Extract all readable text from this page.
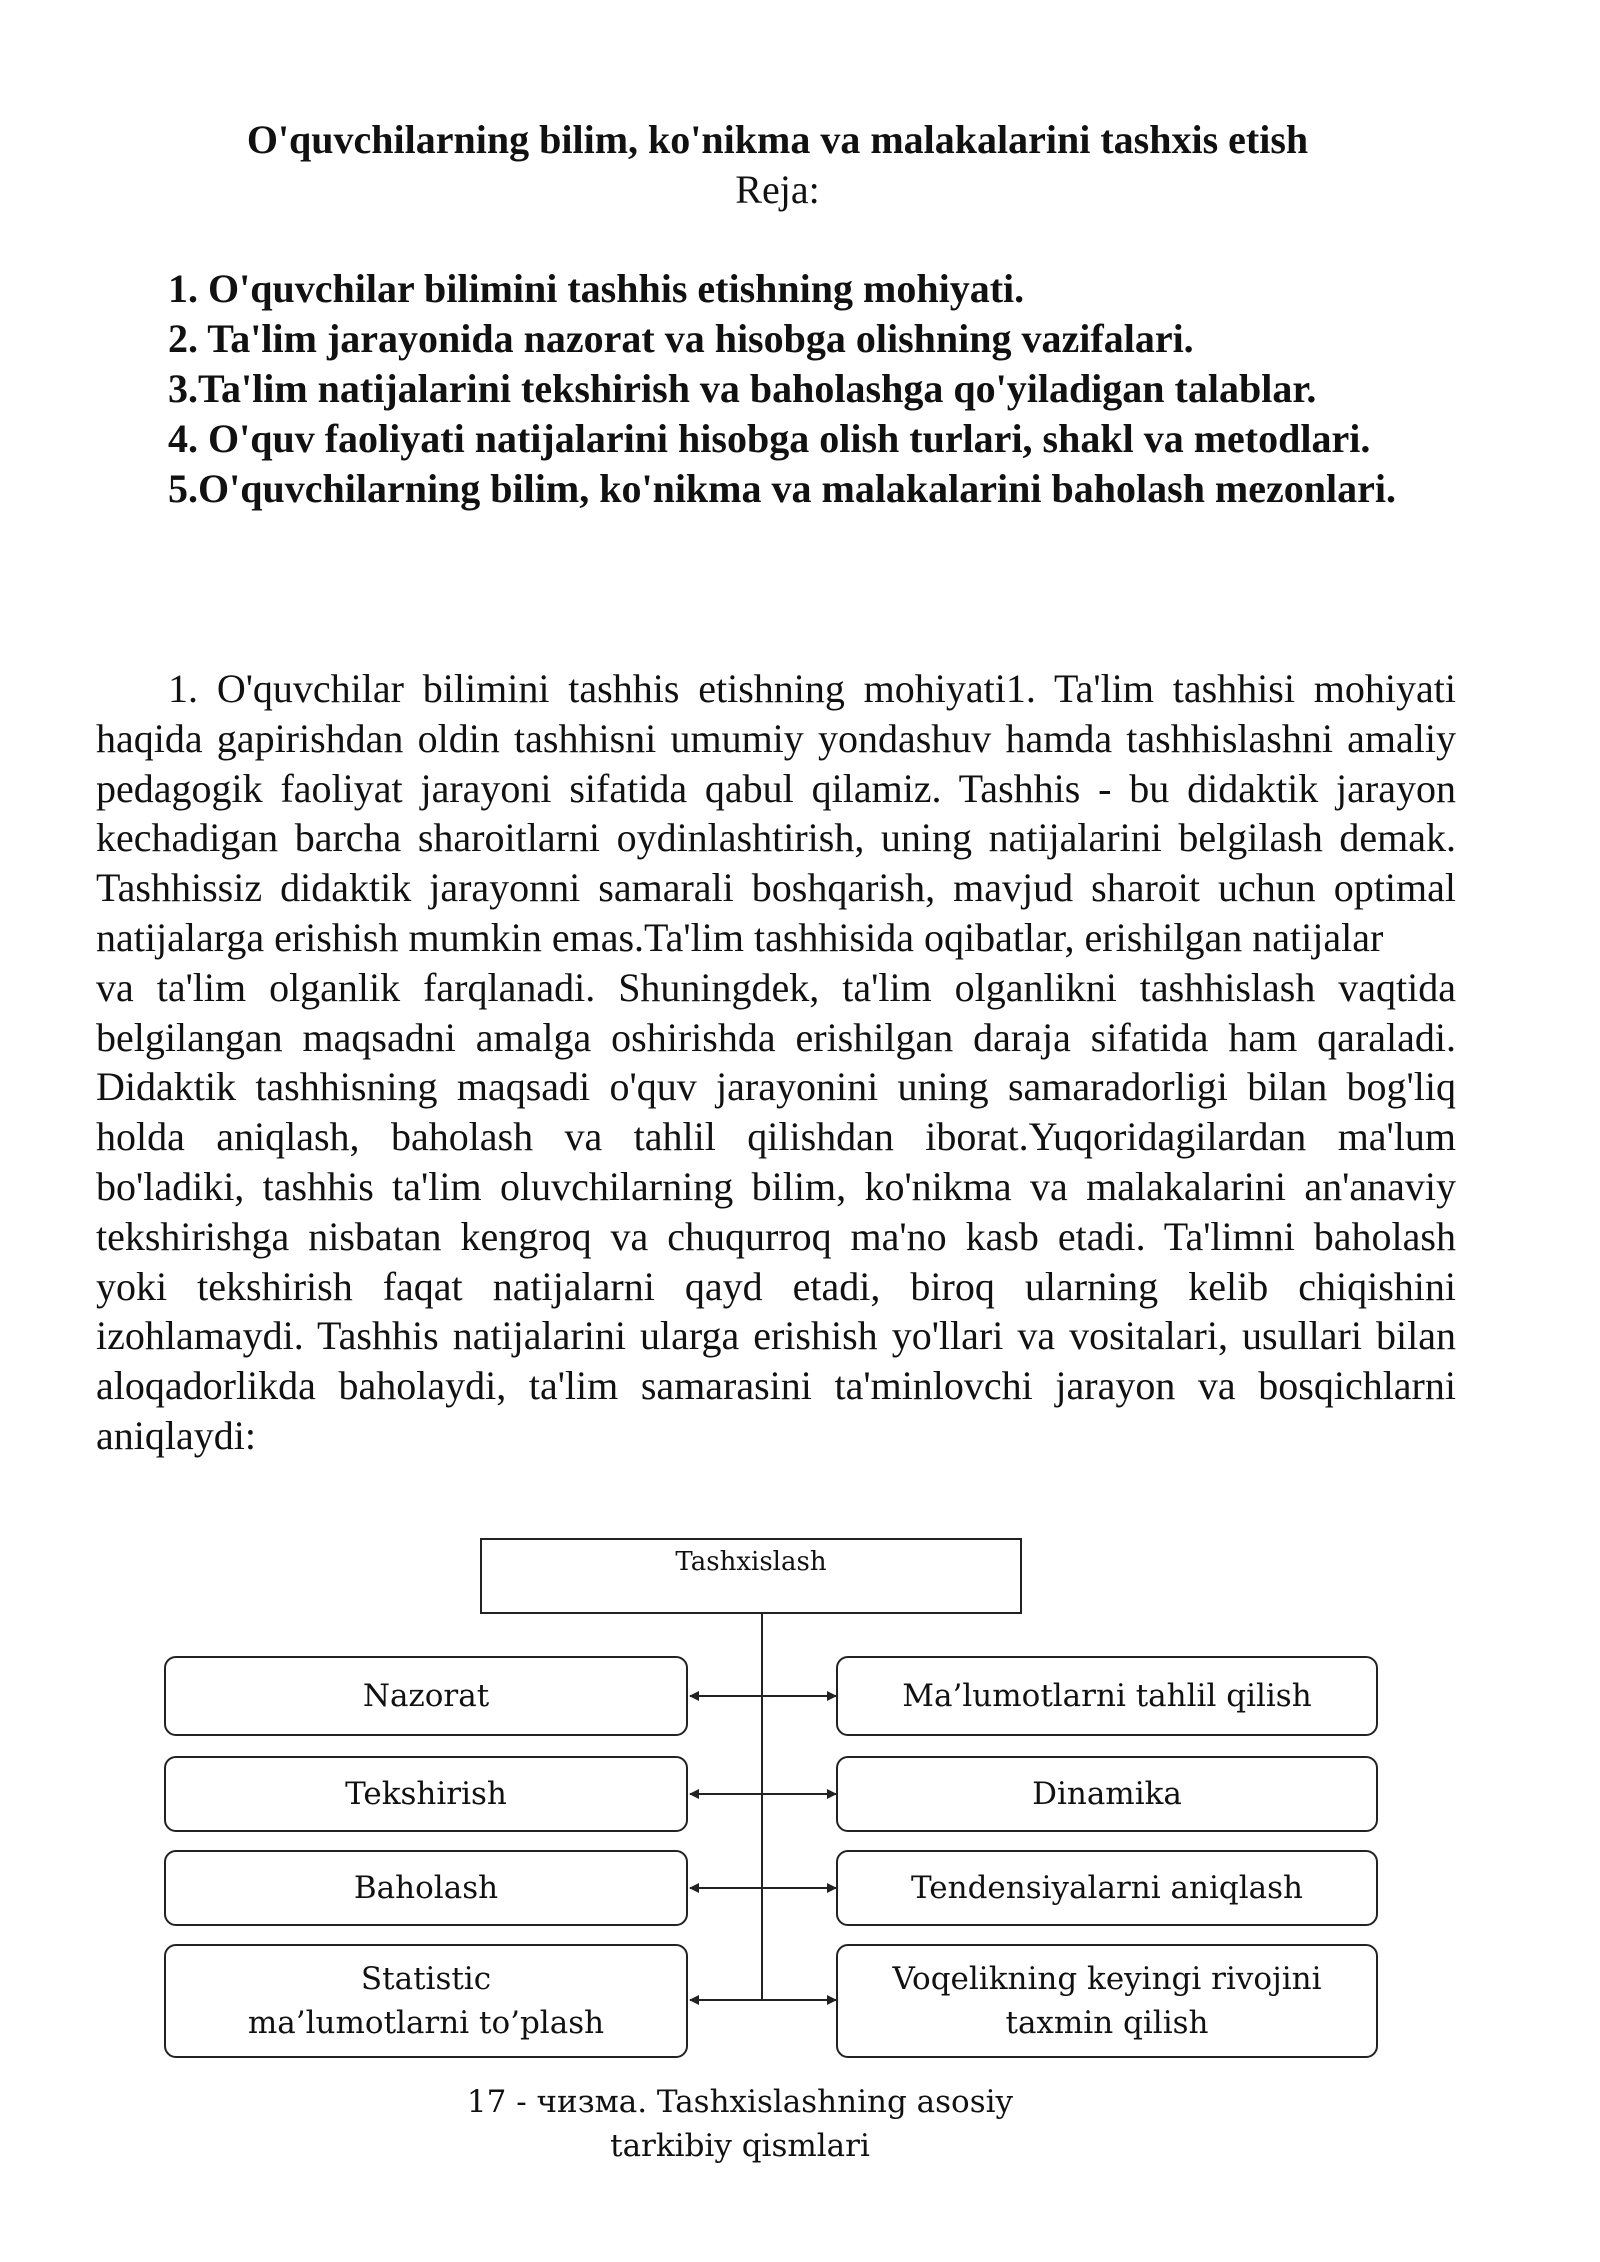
O'quvchilarning bilim, ko'nikma va malakalarini tashxis etish
Reja:
1. O'quvchilar bilimini tashhis etishning mohiyati.
2. Ta'lim jarayonida nazorat va hisobga olishning vazifalari.
3.Ta'lim natijalarini tekshirish va baholashga qo'yiladigan talablar.
4. O'quv faoliyati natijalarini hisobga olish turlari, shakl va metodlari.
5.O'quvchilarning bilim, ko'nikma va malakalarini baholash mezonlari.

1. O'quvchilar bilimini tashhis etishning mohiyati1. Ta'lim tashhisi mohiyati haqida gapirishdan oldin tashhisni umumiy yondashuv hamda tashhislashni amaliy pedagogik faoliyat jarayoni sifatida qabul qilamiz. Tashhis - bu didaktik jarayon kechadigan barcha sharoitlarni oydinlashtirish, uning natijalarini belgilash demak. Tashhissiz didaktik jarayonni samarali boshqarish, mavjud sharoit uchun optimal natijalarga erishish mumkin emas.Ta'lim tashhisida oqibatlar, erishilgan natijalar

va ta'lim olganlik farqlanadi. Shuningdek, ta'lim olganlikni tashhislash vaqtida belgilangan maqsadni amalga oshirishda erishilgan daraja sifatida ham qaraladi. Didaktik tashhisning maqsadi o'quv jarayonini uning samaradorligi bilan bog'liq holda aniqlash, baholash va tahlil qilishdan iborat.Yuqoridagilardan ma'lum bo'ladiki, tashhis ta'lim oluvchilarning bilim, ko'nikma va malakalarini an'anaviy tekshirishga nisbatan kengroq va chuqurroq ma'no kasb etadi. Ta'limni baholash yoki tekshirish faqat natijalarni qayd etadi, biroq ularning kelib chiqishini izohlamaydi. Tashhis natijalarini ularga erishish yo'llari va vositalari, usullari bilan aloqadorlikda baholaydi, ta'lim samarasini ta'minlovchi jarayon va bosqichlarni aniqlaydi:

Tashxislash
Nazorat
Tekshirish
Baholash
Statistic ma’lumotlarni to’plash
Ma’lumotlarni tahlil qilish
Dinamika
Tendensiyalarni aniqlash
Voqelikning keyingi rivojini taxmin qilish
17 - чизма. Tashxislashning asosiy tarkibiy qismlari
